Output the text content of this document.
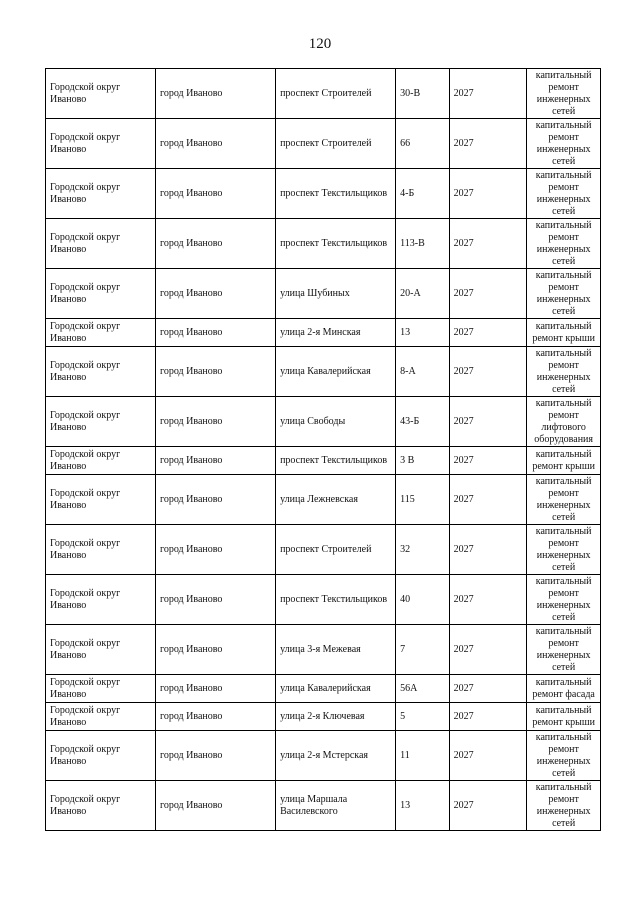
120
Городской округ Иваново	город Иваново	проспект Строителей	30-В	2027	капитальный ремонт инженерных сетей
Городской округ Иваново	город Иваново	проспект Строителей	66	2027	капитальный ремонт инженерных сетей
Городской округ Иваново	город Иваново	проспект Текстильщиков	4-Б	2027	капитальный ремонт инженерных сетей
Городской округ Иваново	город Иваново	проспект Текстильщиков	113-В	2027	капитальный ремонт инженерных сетей
Городской округ Иваново	город Иваново	улица Шубиных	20-А	2027	капитальный ремонт инженерных сетей
Городской округ Иваново	город Иваново	улица 2-я Минская	13	2027	капитальный ремонт крыши
Городской округ Иваново	город Иваново	улица Кавалерийская	8-А	2027	капитальный ремонт инженерных сетей
Городской округ Иваново	город Иваново	улица Свободы	43-Б	2027	капитальный ремонт лифтового оборудования
Городской округ Иваново	город Иваново	проспект Текстильщиков	3 В	2027	капитальный ремонт крыши
Городской округ Иваново	город Иваново	улица Лежневская	115	2027	капитальный ремонт инженерных сетей
Городской округ Иваново	город Иваново	проспект Строителей	32	2027	капитальный ремонт инженерных сетей
Городской округ Иваново	город Иваново	проспект Текстильщиков	40	2027	капитальный ремонт инженерных сетей
Городской округ Иваново	город Иваново	улица 3-я Межевая	7	2027	капитальный ремонт инженерных сетей
Городской округ Иваново	город Иваново	улица Кавалерийская	56А	2027	капитальный ремонт фасада
Городской округ Иваново	город Иваново	улица 2-я Ключевая	5	2027	капитальный ремонт крыши
Городской округ Иваново	город Иваново	улица 2-я Мстерская	11	2027	капитальный ремонт инженерных сетей
Городской округ Иваново	город Иваново	улица Маршала Василевского	13	2027	капитальный ремонт инженерных сетей
